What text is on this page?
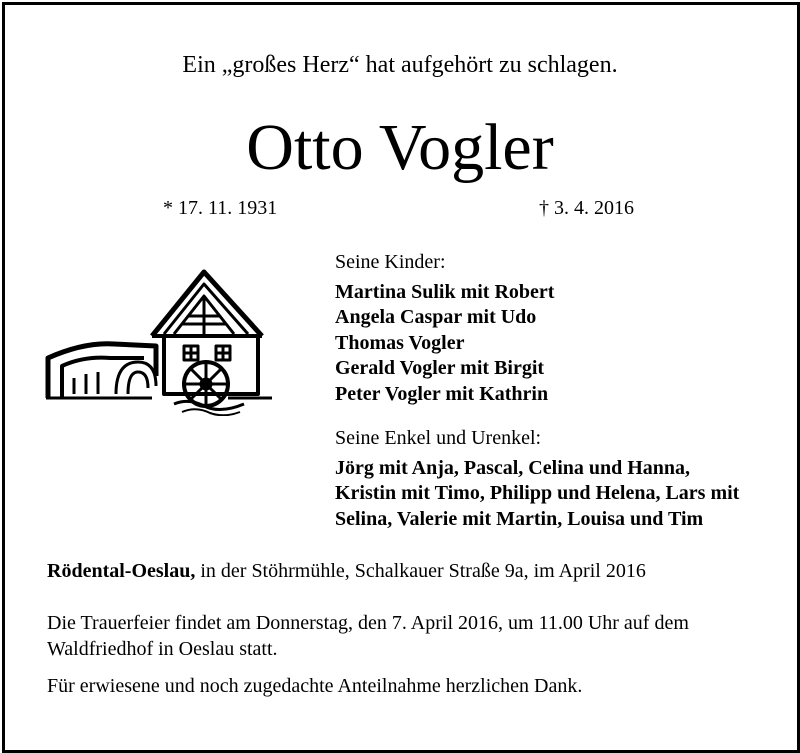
Ein „großes Herz“ hat aufgehört zu schlagen.
Otto Vogler
* 17. 11. 1931	† 3. 4. 2016
Seine Kinder:
Martina Sulik mit Robert
Angela Caspar mit Udo
Thomas Vogler
Gerald Vogler mit Birgit
Peter Vogler mit Kathrin
Seine Enkel und Urenkel:
Jörg mit Anja, Pascal, Celina und Hanna,
Kristin mit Timo, Philipp und Helena, Lars mit
Selina, Valerie mit Martin, Louisa und Tim
Rödental-Oeslau, in der Stöhrmühle, Schalkauer Straße 9a, im April 2016
Die Trauerfeier findet am Donnerstag, den 7. April 2016, um 11.00 Uhr auf dem Waldfriedhof in Oeslau statt.
Für erwiesene und noch zugedachte Anteilnahme herzlichen Dank.
